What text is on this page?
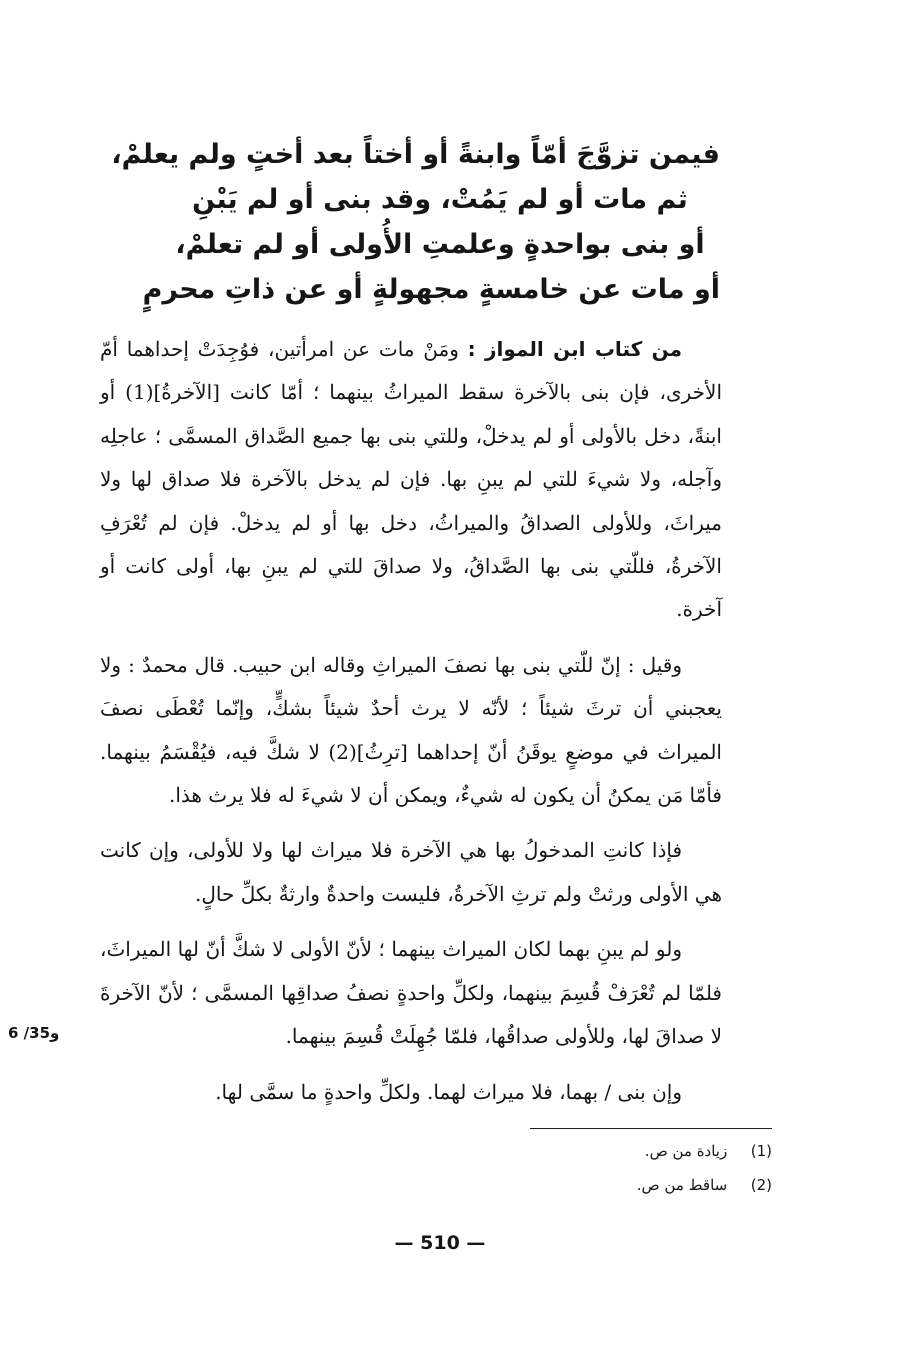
فيمن تزوَّجَ أمّاً وابنةً أو أختاً بعد أختٍ ولم يعلمْ،
ثم مات أو لم يَمُتْ، وقد بنى أو لم يَبْنِ
أو بنى بواحدةٍ وعلمتِ الأُولى أو لم تعلمْ،
أو مات عن خامسةٍ مجهولةٍ أو عن ذاتِ محرمٍ

من كتاب ابن المواز : ومَنْ مات عن امرأتين، فوُجِدَتْ إحداهما أمّ الأخرى، فإن بنى بالآخرة سقط الميراثُ بينهما ؛ أمّا كانت [الآخرةُ](1) أو ابنةً، دخل بالأولى أو لم يدخلْ، وللتي بنى بها جميع الصَّداق المسمَّى ؛ عاجلِه وآجله، ولا شيءَ للتي لم يبنِ بها. فإن لم يدخل بالآخرة فلا صداق لها ولا ميراثَ، وللأولى الصداقُ والميراثُ، دخل بها أو لم يدخلْ. فإن لم تُعْرَفِ الآخرةُ، فللّتي بنى بها الصَّداقُ، ولا صداقَ للتي لم يبنِ بها، أولى كانت أو آخرة.

وقيل : إنّ للّتي بنى بها نصفَ الميراثِ وقاله ابن حبيب. قال محمدٌ : ولا يعجبني أن ترثَ شيئاً ؛ لأنّه لا يرث أحدٌ شيئاً بشكٍّ، وإنّما تُعْطَى نصفَ الميراث في موضعٍ يوقَنُ أنّ إحداهما [ترِثُ](2) لا شكَّ فيه، فيُقْسَمُ بينهما. فأمّا مَن يمكنُ أن يكون له شيءٌ، ويمكن أن لا شيءَ له فلا يرث هذا.

فإذا كانتِ المدخولُ بها هي الآخرة فلا ميراث لها ولا للأولى، وإن كانت هي الأولى ورثتْ ولم ترثِ الآخرةُ، فليست واحدةٌ وارثةٌ بكلِّ حالٍ.

ولو لم يبنِ بهما لكان الميراث بينهما ؛ لأنّ الأولى لا شكَّ أنّ لها الميراثَ، فلمّا لم تُعْرَفْ قُسِمَ بينهما، ولكلِّ واحدةٍ نصفُ صداقِها المسمَّى ؛ لأنّ الآخرةَ لا صداقَ لها، وللأولى صداقُها، فلمّا جُهِلَتْ قُسِمَ بينهما.

وإن بنى / بهما، فلا ميراث لهما. ولكلِّ واحدةٍ ما سمَّى لها.

6 /35و
(1) زيادة من ص.
(2) ساقط من ص.
— 510 —
